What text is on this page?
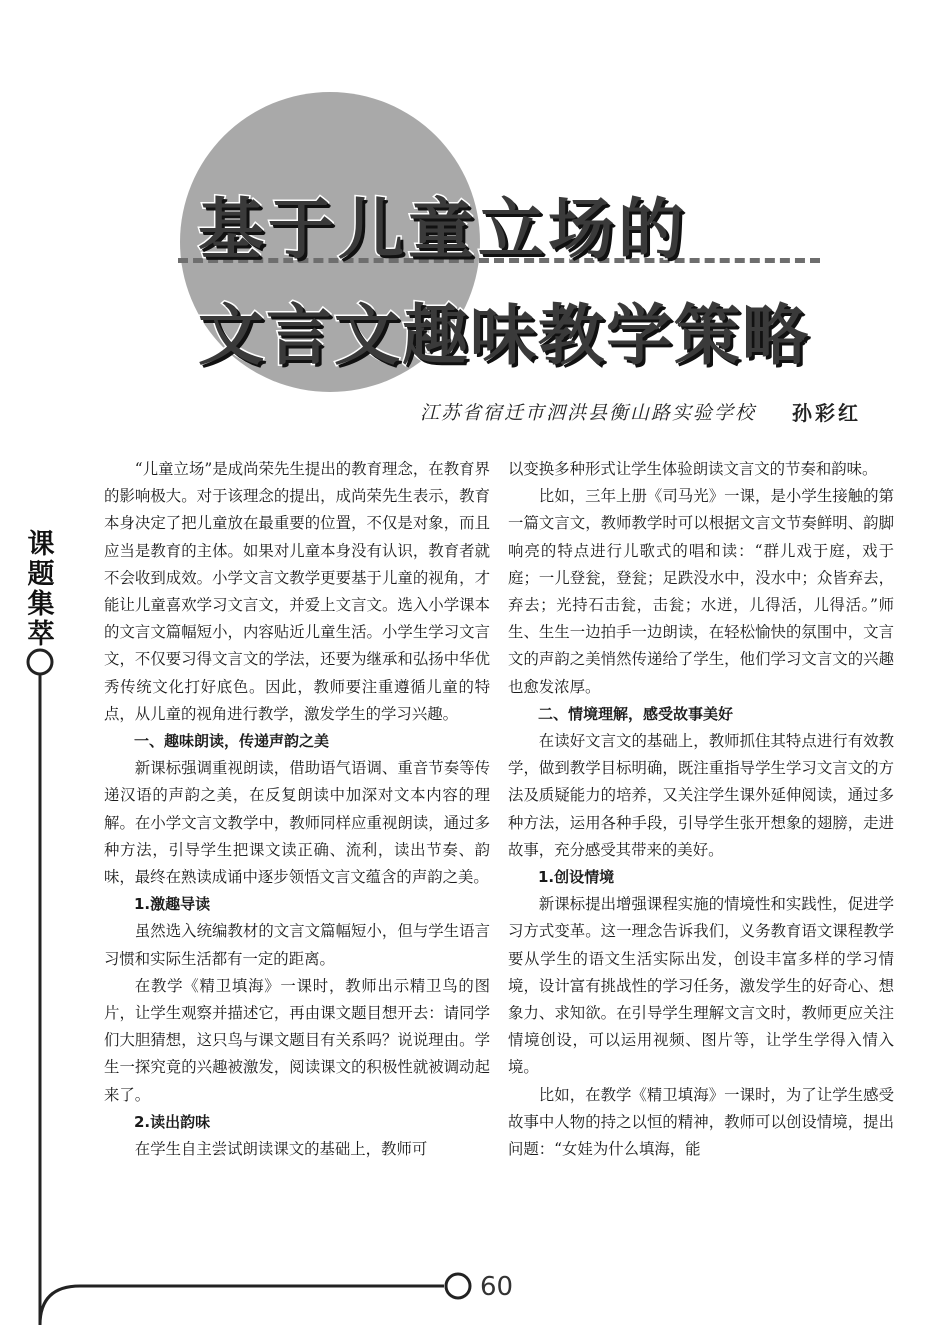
基于儿童立场的
文言文趣味教学策略
江苏省宿迁市泗洪县衡山路实验学校 孙彩红
课
题
集
萃
60

“儿童立场”是成尚荣先生提出的教育理念，在教育界的影响极大。对于该理念的提出，成尚荣先生表示，教育本身决定了把儿童放在最重要的位置，不仅是对象，而且应当是教育的主体。如果对儿童本身没有认识，教育者就不会收到成效。小学文言文教学更要基于儿童的视角，才能让儿童喜欢学习文言文，并爱上文言文。选入小学课本的文言文篇幅短小，内容贴近儿童生活。小学生学习文言文，不仅要习得文言文的学法，还要为继承和弘扬中华优秀传统文化打好底色。因此，教师要注重遵循儿童的特点，从儿童的视角进行教学，激发学生的学习兴趣。

一、趣味朗读，传递声韵之美

新课标强调重视朗读，借助语气语调、重音节奏等传递汉语的声韵之美，在反复朗读中加深对文本内容的理解。在小学文言文教学中，教师同样应重视朗读，通过多种方法，引导学生把课文读正确、流利，读出节奏、韵味，最终在熟读成诵中逐步领悟文言文蕴含的声韵之美。

1.激趣导读

虽然选入统编教材的文言文篇幅短小，但与学生语言习惯和实际生活都有一定的距离。

在教学《精卫填海》一课时，教师出示精卫鸟的图片，让学生观察并描述它，再由课文题目想开去：请同学们大胆猜想，这只鸟与课文题目有关系吗？说说理由。学生一探究竟的兴趣被激发，阅读课文的积极性就被调动起来了。

2.读出韵味

在学生自主尝试朗读课文的基础上，教师可

以变换多种形式让学生体验朗读文言文的节奏和韵味。

比如，三年上册《司马光》一课，是小学生接触的第一篇文言文，教师教学时可以根据文言文节奏鲜明、韵脚响亮的特点进行儿歌式的唱和读：“群儿戏于庭，戏于庭；一儿登瓮，登瓮；足跌没水中，没水中；众皆弃去，弃去；光持石击瓮，击瓮；水迸，儿得活，儿得活。”师生、生生一边拍手一边朗读，在轻松愉快的氛围中，文言文的声韵之美悄然传递给了学生，他们学习文言文的兴趣也愈发浓厚。

二、情境理解，感受故事美好

在读好文言文的基础上，教师抓住其特点进行有效教学，做到教学目标明确，既注重指导学生学习文言文的方法及质疑能力的培养，又关注学生课外延伸阅读，通过多种方法，运用各种手段，引导学生张开想象的翅膀，走进故事，充分感受其带来的美好。

1.创设情境

新课标提出增强课程实施的情境性和实践性，促进学习方式变革。这一理念告诉我们，义务教育语文课程教学要从学生的语文生活实际出发，创设丰富多样的学习情境，设计富有挑战性的学习任务，激发学生的好奇心、想象力、求知欲。在引导学生理解文言文时，教师更应关注情境创设，可以运用视频、图片等，让学生学得入情入境。

比如，在教学《精卫填海》一课时，为了让学生感受故事中人物的持之以恒的精神，教师可以创设情境，提出问题：“女娃为什么填海，能
